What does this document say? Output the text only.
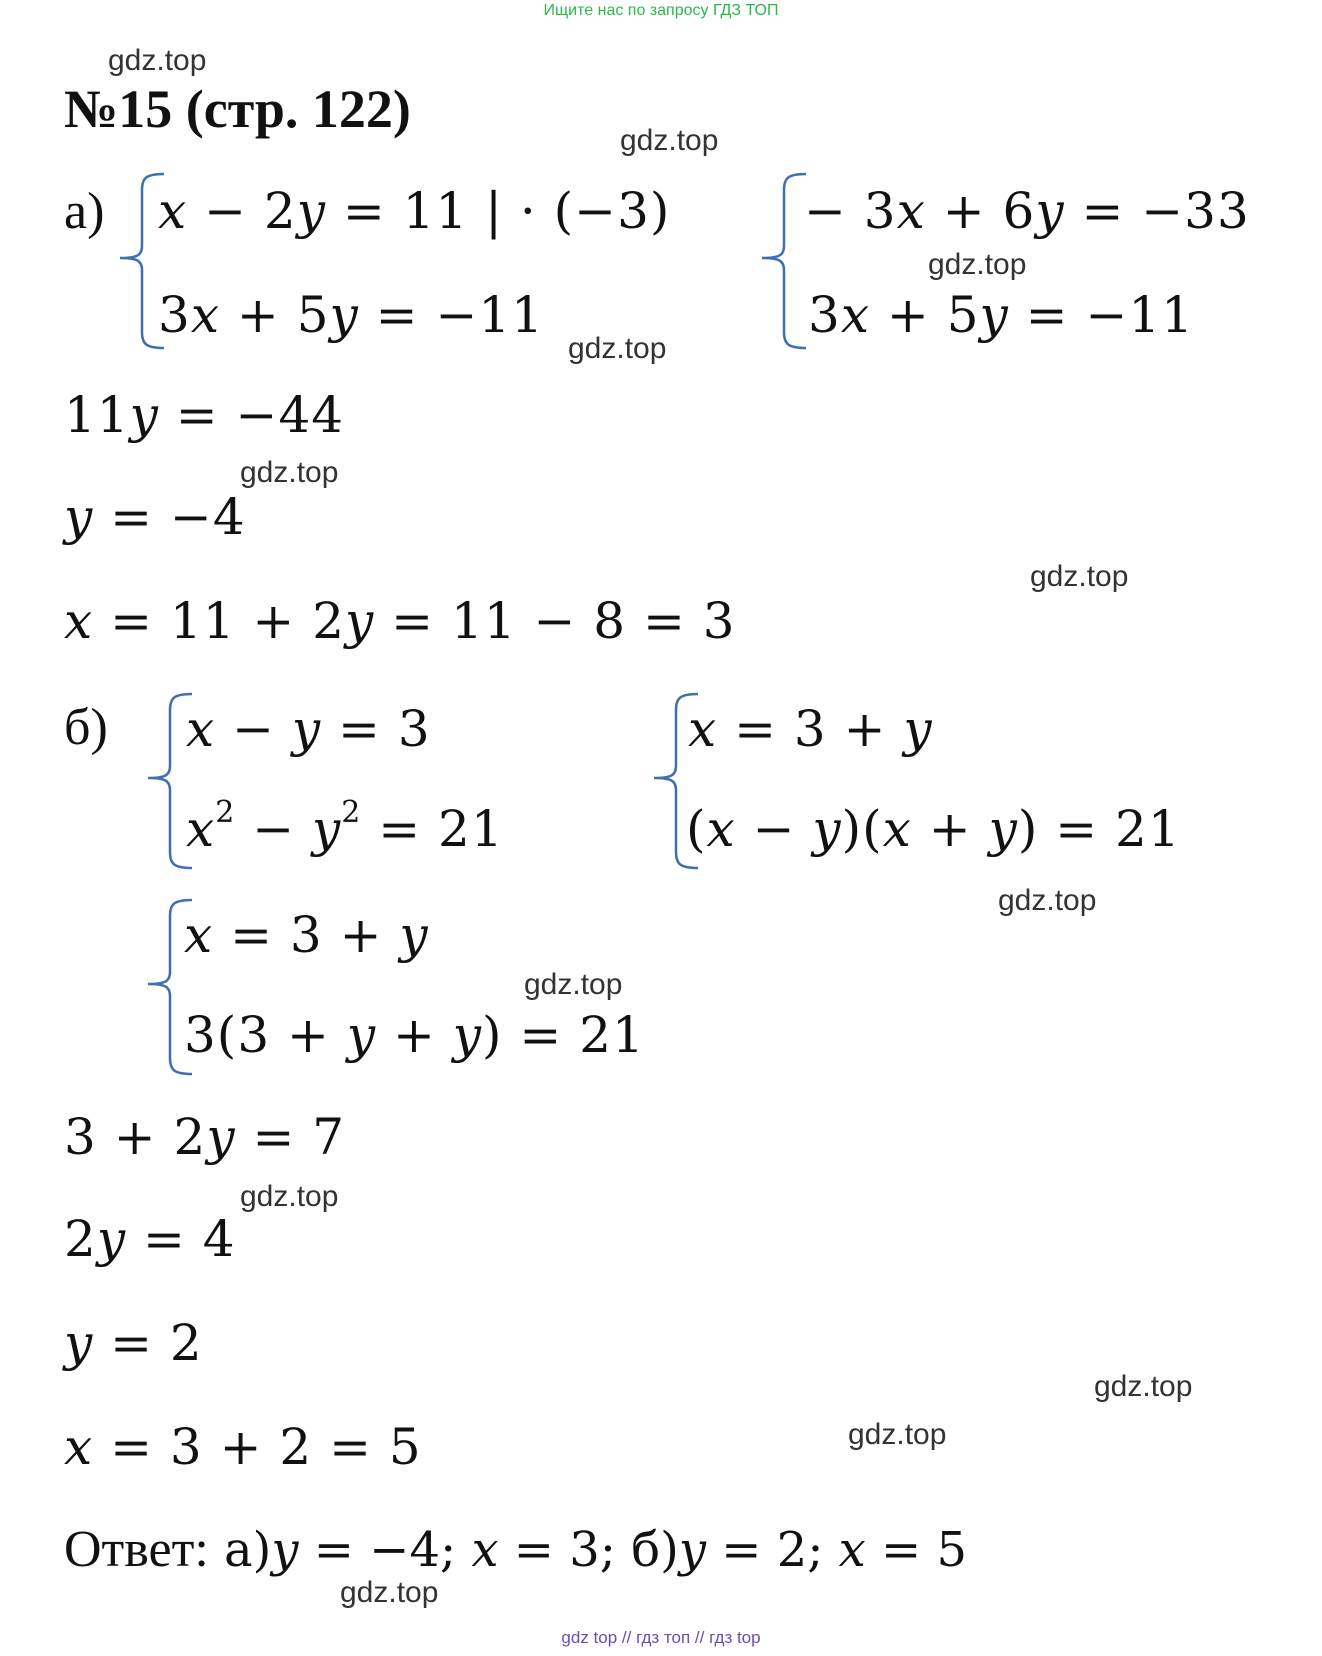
Ищите нас по запросу ГДЗ ТОП
gdz.top
gdz.top
gdz.top
gdz.top
gdz.top
gdz.top
gdz.top
gdz.top
gdz.top
gdz.top
gdz.top
gdz.top
№15 (стр. 122)
а) x − 2y = 11 | · (−3)
3x + 5y = −11
− 3x + 6y = −33
3x + 5y = −11
11y = −44
y = −4
x = 11 + 2y = 11 − 8 = 3
б) x − y = 3
$x^2 - y^2 = 21$
x = 3 + y
(x − y)(x + y) = 21
x = 3 + y
3(3 + y + y) = 21
3 + 2y = 7
2y = 4
y = 2
x = 3 + 2 = 5
Ответ: а)y = −4; x = 3; б)y = 2; x = 5
gdz top // гдз топ // гдз top
